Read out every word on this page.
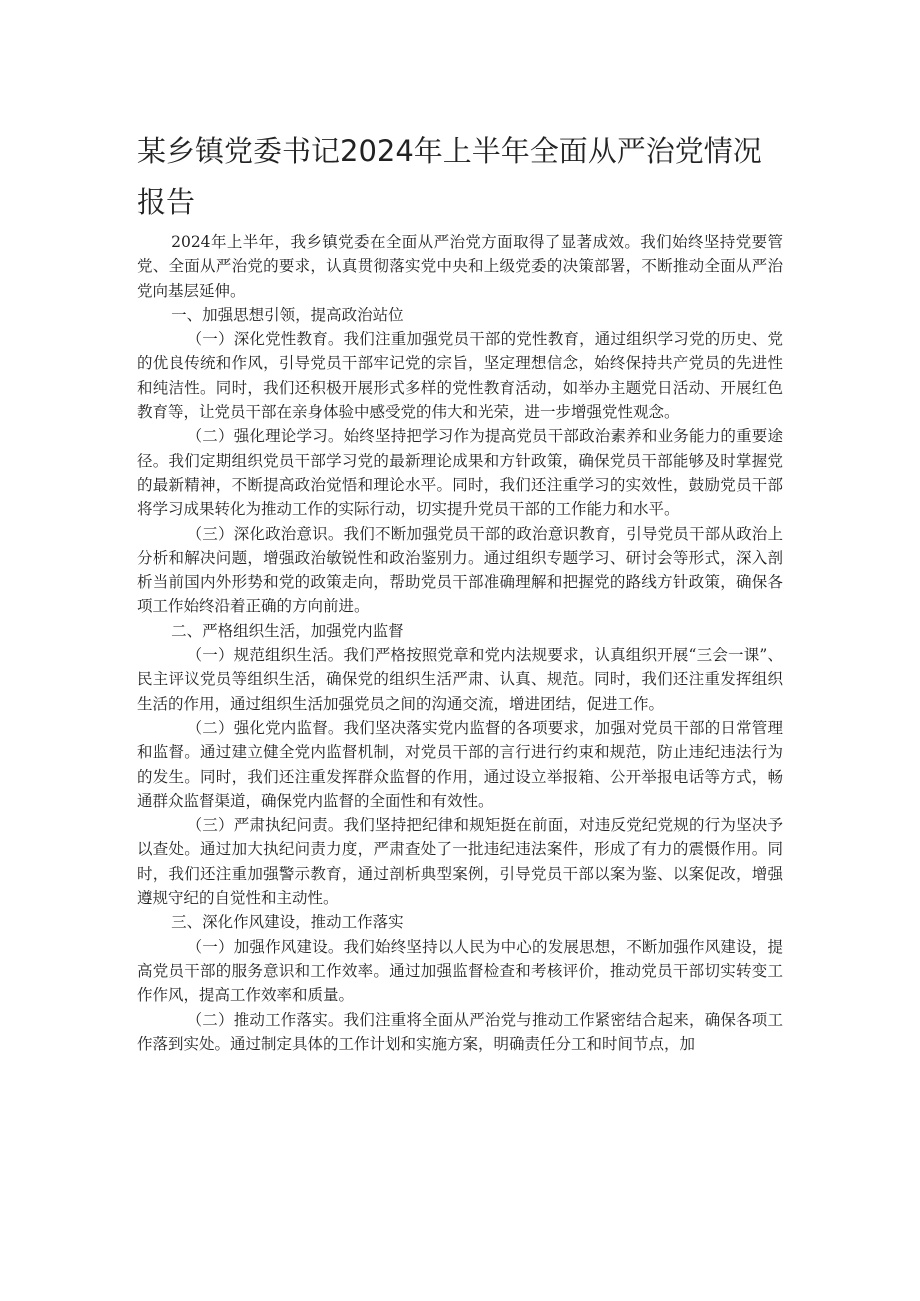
某乡镇党委书记2024年上半年全面从严治党情况报告

2024年上半年，我乡镇党委在全面从严治党方面取得了显著成效。我们始终坚持党要管党、全面从严治党的要求，认真贯彻落实党中央和上级党委的决策部署，不断推动全面从严治党向基层延伸。

一、加强思想引领，提高政治站位

（一）深化党性教育。我们注重加强党员干部的党性教育，通过组织学习党的历史、党的优良传统和作风，引导党员干部牢记党的宗旨，坚定理想信念，始终保持共产党员的先进性和纯洁性。同时，我们还积极开展形式多样的党性教育活动，如举办主题党日活动、开展红色教育等，让党员干部在亲身体验中感受党的伟大和光荣，进一步增强党性观念。

（二）强化理论学习。始终坚持把学习作为提高党员干部政治素养和业务能力的重要途径。我们定期组织党员干部学习党的最新理论成果和方针政策，确保党员干部能够及时掌握党的最新精神，不断提高政治觉悟和理论水平。同时，我们还注重学习的实效性，鼓励党员干部将学习成果转化为推动工作的实际行动，切实提升党员干部的工作能力和水平。

（三）深化政治意识。我们不断加强党员干部的政治意识教育，引导党员干部从政治上分析和解决问题，增强政治敏锐性和政治鉴别力。通过组织专题学习、研讨会等形式，深入剖析当前国内外形势和党的政策走向，帮助党员干部准确理解和把握党的路线方针政策，确保各项工作始终沿着正确的方向前进。

二、严格组织生活，加强党内监督

（一）规范组织生活。我们严格按照党章和党内法规要求，认真组织开展“三会一课”、民主评议党员等组织生活，确保党的组织生活严肃、认真、规范。同时，我们还注重发挥组织生活的作用，通过组织生活加强党员之间的沟通交流，增进团结，促进工作。

（二）强化党内监督。我们坚决落实党内监督的各项要求，加强对党员干部的日常管理和监督。通过建立健全党内监督机制，对党员干部的言行进行约束和规范，防止违纪违法行为的发生。同时，我们还注重发挥群众监督的作用，通过设立举报箱、公开举报电话等方式，畅通群众监督渠道，确保党内监督的全面性和有效性。

（三）严肃执纪问责。我们坚持把纪律和规矩挺在前面，对违反党纪党规的行为坚决予以查处。通过加大执纪问责力度，严肃查处了一批违纪违法案件，形成了有力的震慑作用。同时，我们还注重加强警示教育，通过剖析典型案例，引导党员干部以案为鉴、以案促改，增强遵规守纪的自觉性和主动性。

三、深化作风建设，推动工作落实

（一）加强作风建设。我们始终坚持以人民为中心的发展思想，不断加强作风建设，提高党员干部的服务意识和工作效率。通过加强监督检查和考核评价，推动党员干部切实转变工作作风，提高工作效率和质量。

（二）推动工作落实。我们注重将全面从严治党与推动工作紧密结合起来，确保各项工作落到实处。通过制定具体的工作计划和实施方案，明确责任分工和时间节点，加
